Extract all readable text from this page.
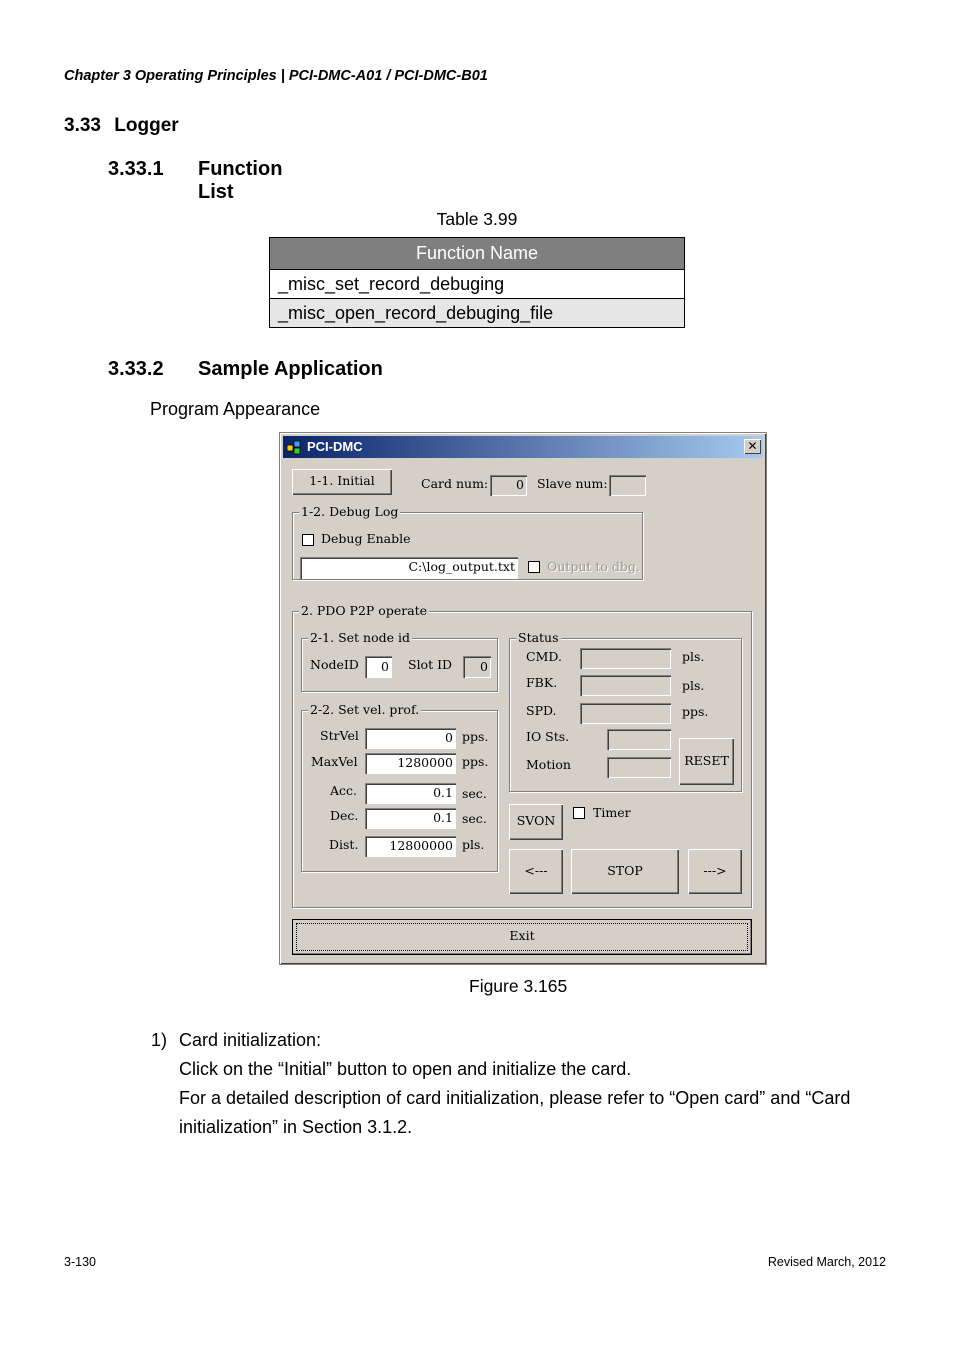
Chapter 3 Operating Principles | PCI-DMC-A01 / PCI-DMC-B01
3.33 Logger
3.33.1 Function List
Table 3.99
Function Name
_misc_set_record_debuging
_misc_open_record_debuging_file
3.33.2 Sample Application
Program Appearance
PCI-DMC	✕
1-1. Initial	Card num:	0 Slave num:
1-2. Debug Log
Debug Enable
C:\log_output.txt	Output to dbg.
2. PDO P2P operate
2-1. Set node id
NodeID	0 Slot ID	0
2-2. Set vel. prof.
StrVel	0 pps.
MaxVel	1280000 pps.
Acc.	0.1 sec.
Dec.	0.1 sec.
Dist.	12800000 pls.
Status
CMD.	pls.
FBK.	pls.
SPD.	pps.
IO Sts.
Motion	RESET
SVON
Timer
<---	STOP	--->
Exit
Figure 3.165
1) Card initialization:
Click on the “Initial” button to open and initialize the card.
For a detailed description of card initialization, please refer to “Open card” and “Card
initialization” in Section 3.1.2.
3-130	Revised March, 2012
